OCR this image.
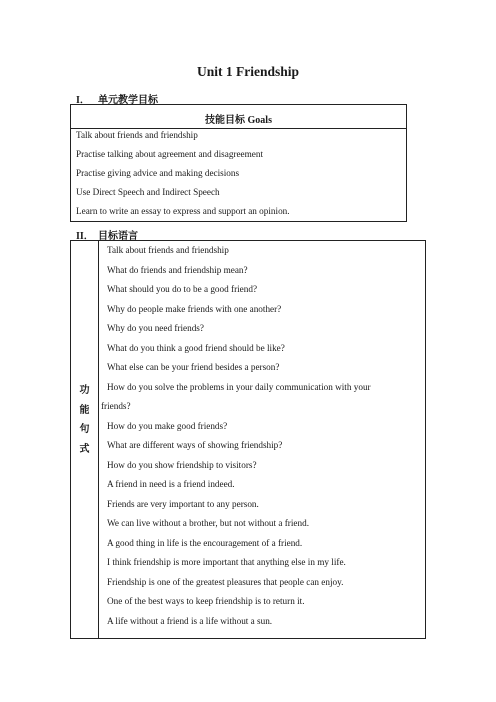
Unit 1 Friendship
I． 单元教学目标
技能目标 Goals
Talk about friends and friendship
Practise talking about agreement and disagreement
Practise giving advice and making decisions
Use Direct Speech and Indirect Speech
Learn to write an essay to express and support an opinion.
II． 目标语言
功
能
句
式
Talk about friends and friendship
What do friends and friendship mean?
What should you do to be a good friend?
Why do people make friends with one another?
Why do you need friends?
What do you think a good friend should be like?
What else can be your friend besides a person?
How do you solve the problems in your daily communication with your
friends?
How do you make good friends?
What are different ways of showing friendship?
How do you show friendship to visitors?
A friend in need is a friend indeed.
Friends are very important to any person.
We can live without a brother, but not without a friend.
A good thing in life is the encouragement of a friend.
I think friendship is more important that anything else in my life.
Friendship is one of the greatest pleasures that people can enjoy.
One of the best ways to keep friendship is to return it.
A life without a friend is a life without a sun.
